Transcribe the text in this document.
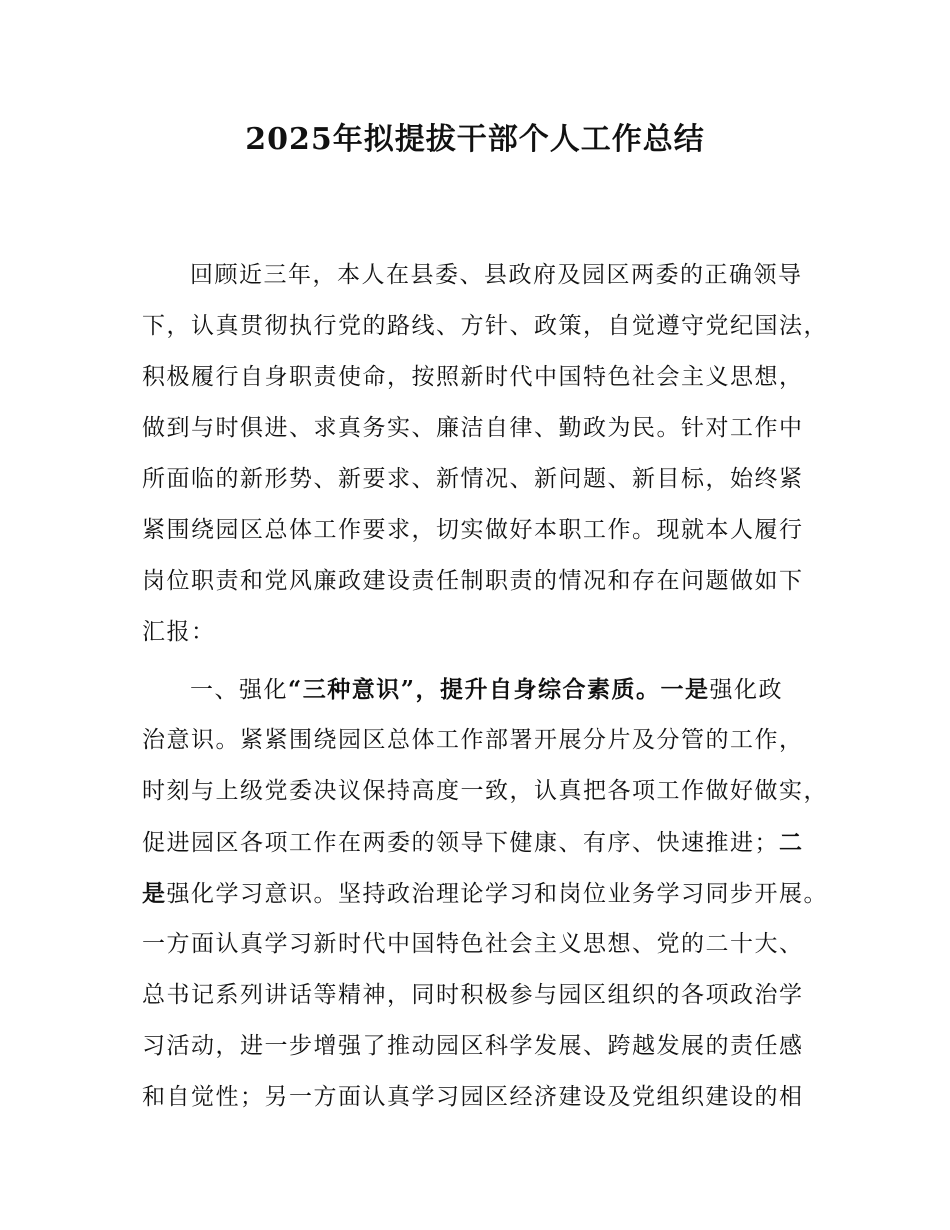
2025年拟提拔干部个人工作总结
回顾近三年，本人在县委、县政府及园区两委的正确领导
下，认真贯彻执行党的路线、方针、政策，自觉遵守党纪国法，
积极履行自身职责使命，按照新时代中国特色社会主义思想，
做到与时俱进、求真务实、廉洁自律、勤政为民。针对工作中
所面临的新形势、新要求、新情况、新问题、新目标，始终紧
紧围绕园区总体工作要求，切实做好本职工作。现就本人履行
岗位职责和党风廉政建设责任制职责的情况和存在问题做如下
汇报：
一、强化“三种意识”，提升自身综合素质。一是强化政
治意识。紧紧围绕园区总体工作部署开展分片及分管的工作，
时刻与上级党委决议保持高度一致，认真把各项工作做好做实，
促进园区各项工作在两委的领导下健康、有序、快速推进；二
是强化学习意识。坚持政治理论学习和岗位业务学习同步开展。
一方面认真学习新时代中国特色社会主义思想、党的二十大、
总书记系列讲话等精神，同时积极参与园区组织的各项政治学
习活动，进一步增强了推动园区科学发展、跨越发展的责任感
和自觉性；另一方面认真学习园区经济建设及党组织建设的相
